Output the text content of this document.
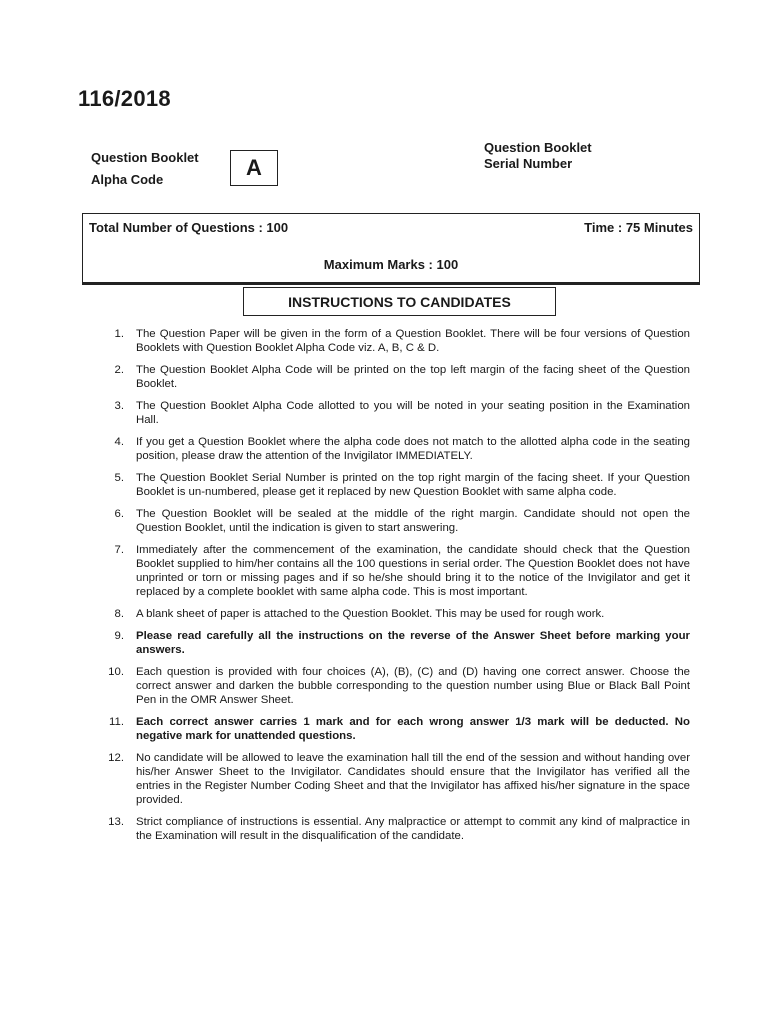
116/2018
Question Booklet
Alpha Code	A
Question Booklet
Serial Number
Total Number of Questions : 100	Time : 75 Minutes
Maximum Marks : 100
INSTRUCTIONS TO CANDIDATES
1. The Question Paper will be given in the form of a Question Booklet. There will be four versions of Question Booklets with Question Booklet Alpha Code viz. A, B, C & D.
2. The Question Booklet Alpha Code will be printed on the top left margin of the facing sheet of the Question Booklet.
3. The Question Booklet Alpha Code allotted to you will be noted in your seating position in the Examination Hall.
4. If you get a Question Booklet where the alpha code does not match to the allotted alpha code in the seating position, please draw the attention of the Invigilator IMMEDIATELY.
5. The Question Booklet Serial Number is printed on the top right margin of the facing sheet. If your Question Booklet is un-numbered, please get it replaced by new Question Booklet with same alpha code.
6. The Question Booklet will be sealed at the middle of the right margin. Candidate should not open the Question Booklet, until the indication is given to start answering.
7. Immediately after the commencement of the examination, the candidate should check that the Question Booklet supplied to him/her contains all the 100 questions in serial order. The Question Booklet does not have unprinted or torn or missing pages and if so he/she should bring it to the notice of the Invigilator and get it replaced by a complete booklet with same alpha code. This is most important.
8. A blank sheet of paper is attached to the Question Booklet. This may be used for rough work.
9. Please read carefully all the instructions on the reverse of the Answer Sheet before marking your answers.
10. Each question is provided with four choices (A), (B), (C) and (D) having one correct answer. Choose the correct answer and darken the bubble corresponding to the question number using Blue or Black Ball Point Pen in the OMR Answer Sheet.
11. Each correct answer carries 1 mark and for each wrong answer 1/3 mark will be deducted. No negative mark for unattended questions.
12. No candidate will be allowed to leave the examination hall till the end of the session and without handing over his/her Answer Sheet to the Invigilator. Candidates should ensure that the Invigilator has verified all the entries in the Register Number Coding Sheet and that the Invigilator has affixed his/her signature in the space provided.
13. Strict compliance of instructions is essential. Any malpractice or attempt to commit any kind of malpractice in the Examination will result in the disqualification of the candidate.
